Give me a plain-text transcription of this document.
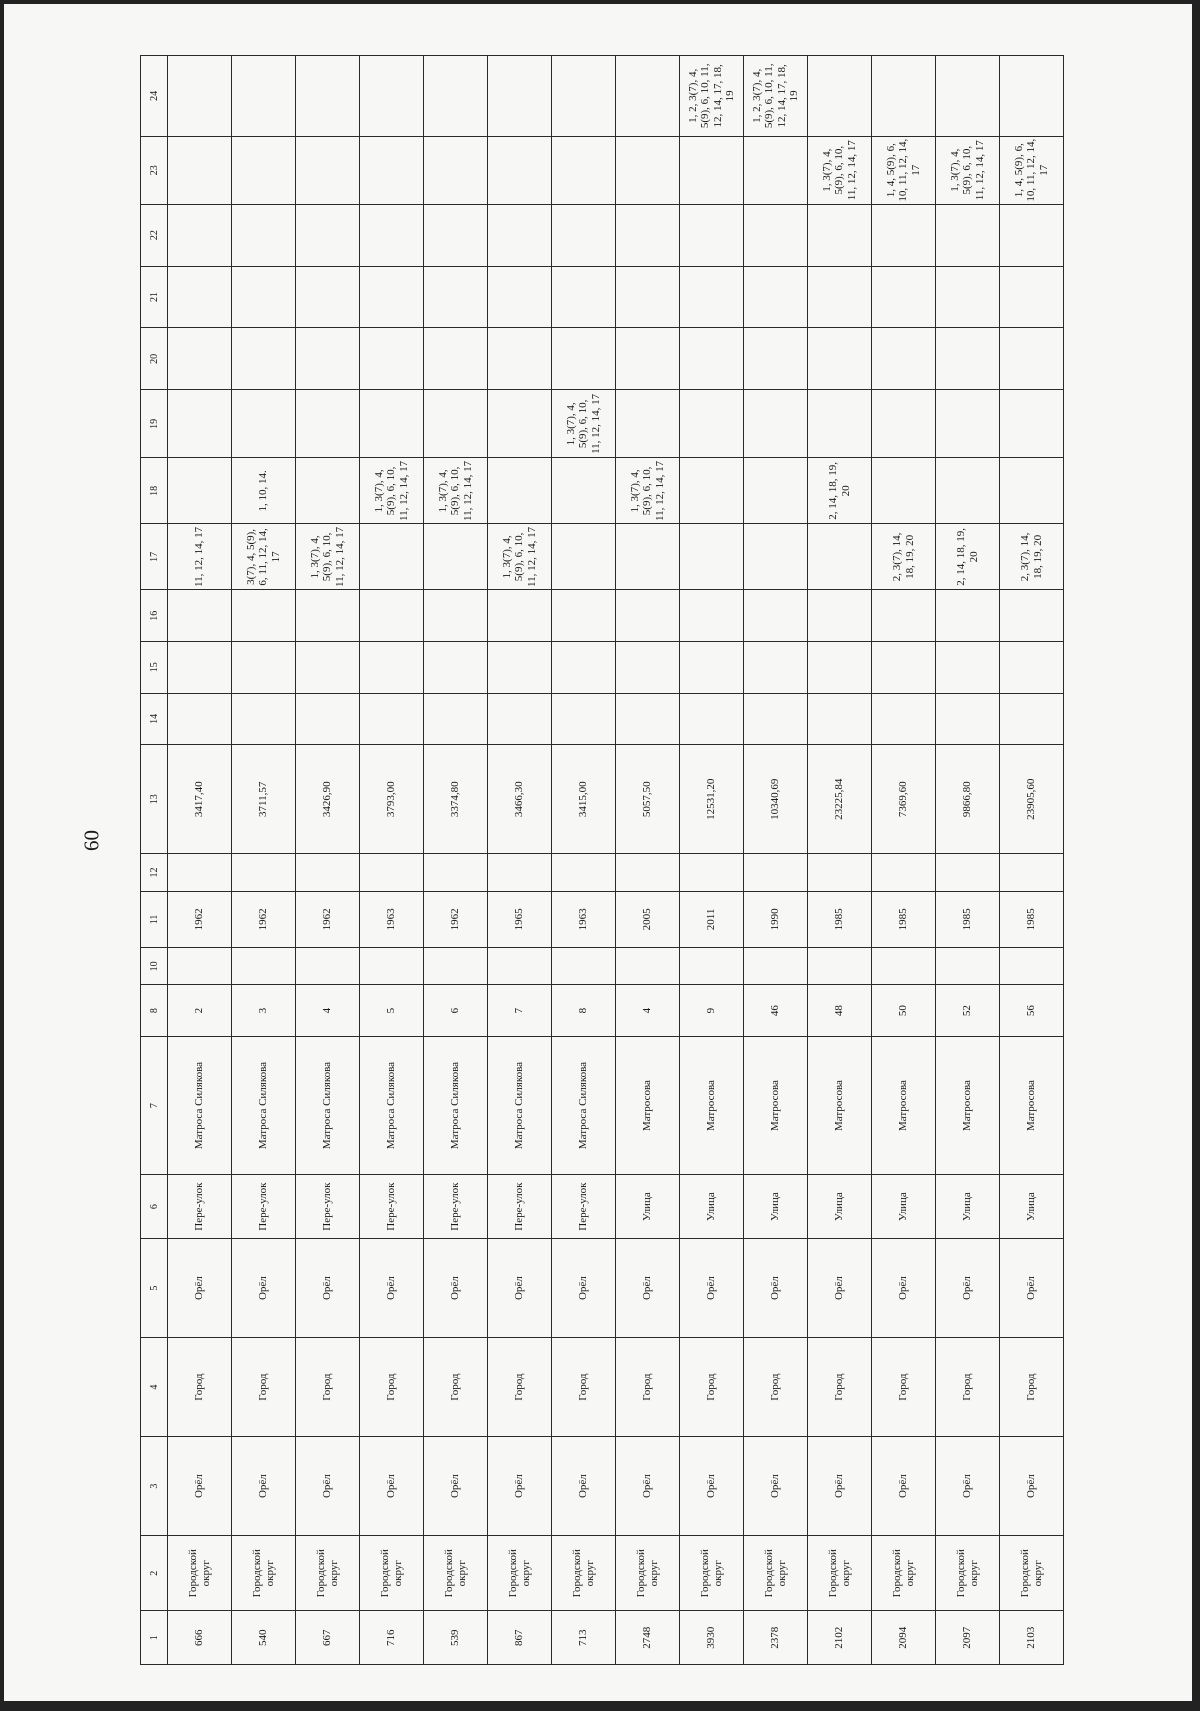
60
1	2	3	4	5	6	7	8	10	11	12	13	14	15	16	17	18	19	20	21	22	23	24
666	Городской округ	Орёл	Город	Орёл	Пере-улок	Матроса Силякова	2		1962		3417,40				11, 12, 14, 17							
540	Городской округ	Орёл	Город	Орёл	Пере-улок	Матроса Силякова	3		1962		3711,57				3(7), 4, 5(9), 6, 11, 12, 14, 17	1, 10, 14.						
667	Городской округ	Орёл	Город	Орёл	Пере-улок	Матроса Силякова	4		1962		3426,90				1, 3(7), 4, 5(9), 6, 10, 11, 12, 14, 17							
716	Городской округ	Орёл	Город	Орёл	Пере-улок	Матроса Силякова	5		1963		3793,00					1, 3(7), 4, 5(9), 6, 10, 11, 12, 14, 17						
539	Городской округ	Орёл	Город	Орёл	Пере-улок	Матроса Силякова	6		1962		3374,80					1, 3(7), 4, 5(9), 6, 10, 11, 12, 14, 17						
867	Городской округ	Орёл	Город	Орёл	Пере-улок	Матроса Силякова	7		1965		3466,30				1, 3(7), 4, 5(9), 6, 10, 11, 12, 14, 17							
713	Городской округ	Орёл	Город	Орёл	Пере-улок	Матроса Силякова	8		1963		3415,00						1, 3(7), 4, 5(9), 6, 10, 11, 12, 14, 17					
2748	Городской округ	Орёл	Город	Орёл	Улица	Матросова	4		2005		5057,50					1, 3(7), 4, 5(9), 6, 10, 11, 12, 14, 17						
3930	Городской округ	Орёл	Город	Орёл	Улица	Матросова	9		2011		12531,20											1, 2, 3(7), 4, 5(9), 6, 10, 11, 12, 14, 17, 18, 19
2378	Городской округ	Орёл	Город	Орёл	Улица	Матросова	46		1990		10340,69											1, 2, 3(7), 4, 5(9), 6, 10, 11, 12, 14, 17, 18, 19
2102	Городской округ	Орёл	Город	Орёл	Улица	Матросова	48		1985		23225,84					2, 14, 18, 19, 20					1, 3(7), 4, 5(9), 6, 10, 11, 12, 14, 17	
2094	Городской округ	Орёл	Город	Орёл	Улица	Матросова	50		1985		7369,60				2, 3(7), 14, 18, 19, 20						1, 4, 5(9), 6, 10, 11, 12, 14, 17	
2097	Городской округ	Орёл	Город	Орёл	Улица	Матросова	52		1985		9866,80				2, 14, 18, 19, 20						1, 3(7), 4, 5(9), 6, 10, 11, 12, 14, 17	
2103	Городской округ	Орёл	Город	Орёл	Улица	Матросова	56		1985		23905,60				2, 3(7), 14, 18, 19, 20						1, 4, 5(9), 6, 10, 11, 12, 14, 17	
